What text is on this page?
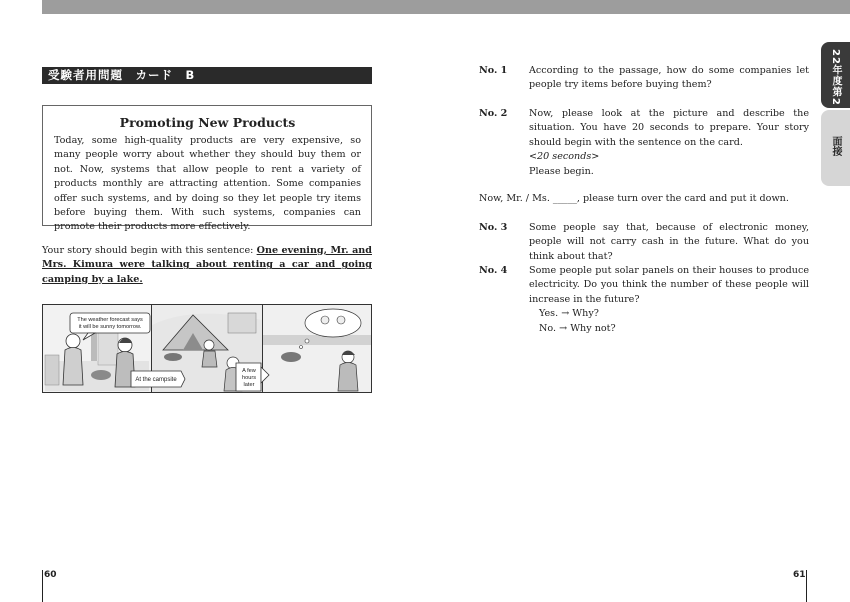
22年度第2回
面接
受験者用問題　カード　B
Promoting New Products
Today, some high-quality products are very expensive, so many people worry about whether they should buy them or not. Now, systems that allow people to rent a variety of products monthly are attracting attention. Some companies offer such systems, and by doing so they let people try items before buying them. With such systems, companies can promote their products more effectively.
Your story should begin with this sentence: One evening, Mr. and Mrs. Kimura were talking about renting a car and going camping by a lake.
The weather forecast says
it will be sunny tomorrow.
At the campsite
A few
hours
later
60
No. 1 According to the passage, how do some companies let people try items before buying them?
No. 2 Now, please look at the picture and describe the situation. You have 20 seconds to prepare. Your story should begin with the sentence on the card.
<20 seconds>
Please begin.
Now, Mr. / Ms. _____, please turn over the card and put it down.
No. 3 Some people say that, because of electronic money, people will not carry cash in the future. What do you think about that?
No. 4 Some people put solar panels on their houses to produce electricity. Do you think the number of these people will increase in the future?
Yes. → Why?
No. → Why not?
61
